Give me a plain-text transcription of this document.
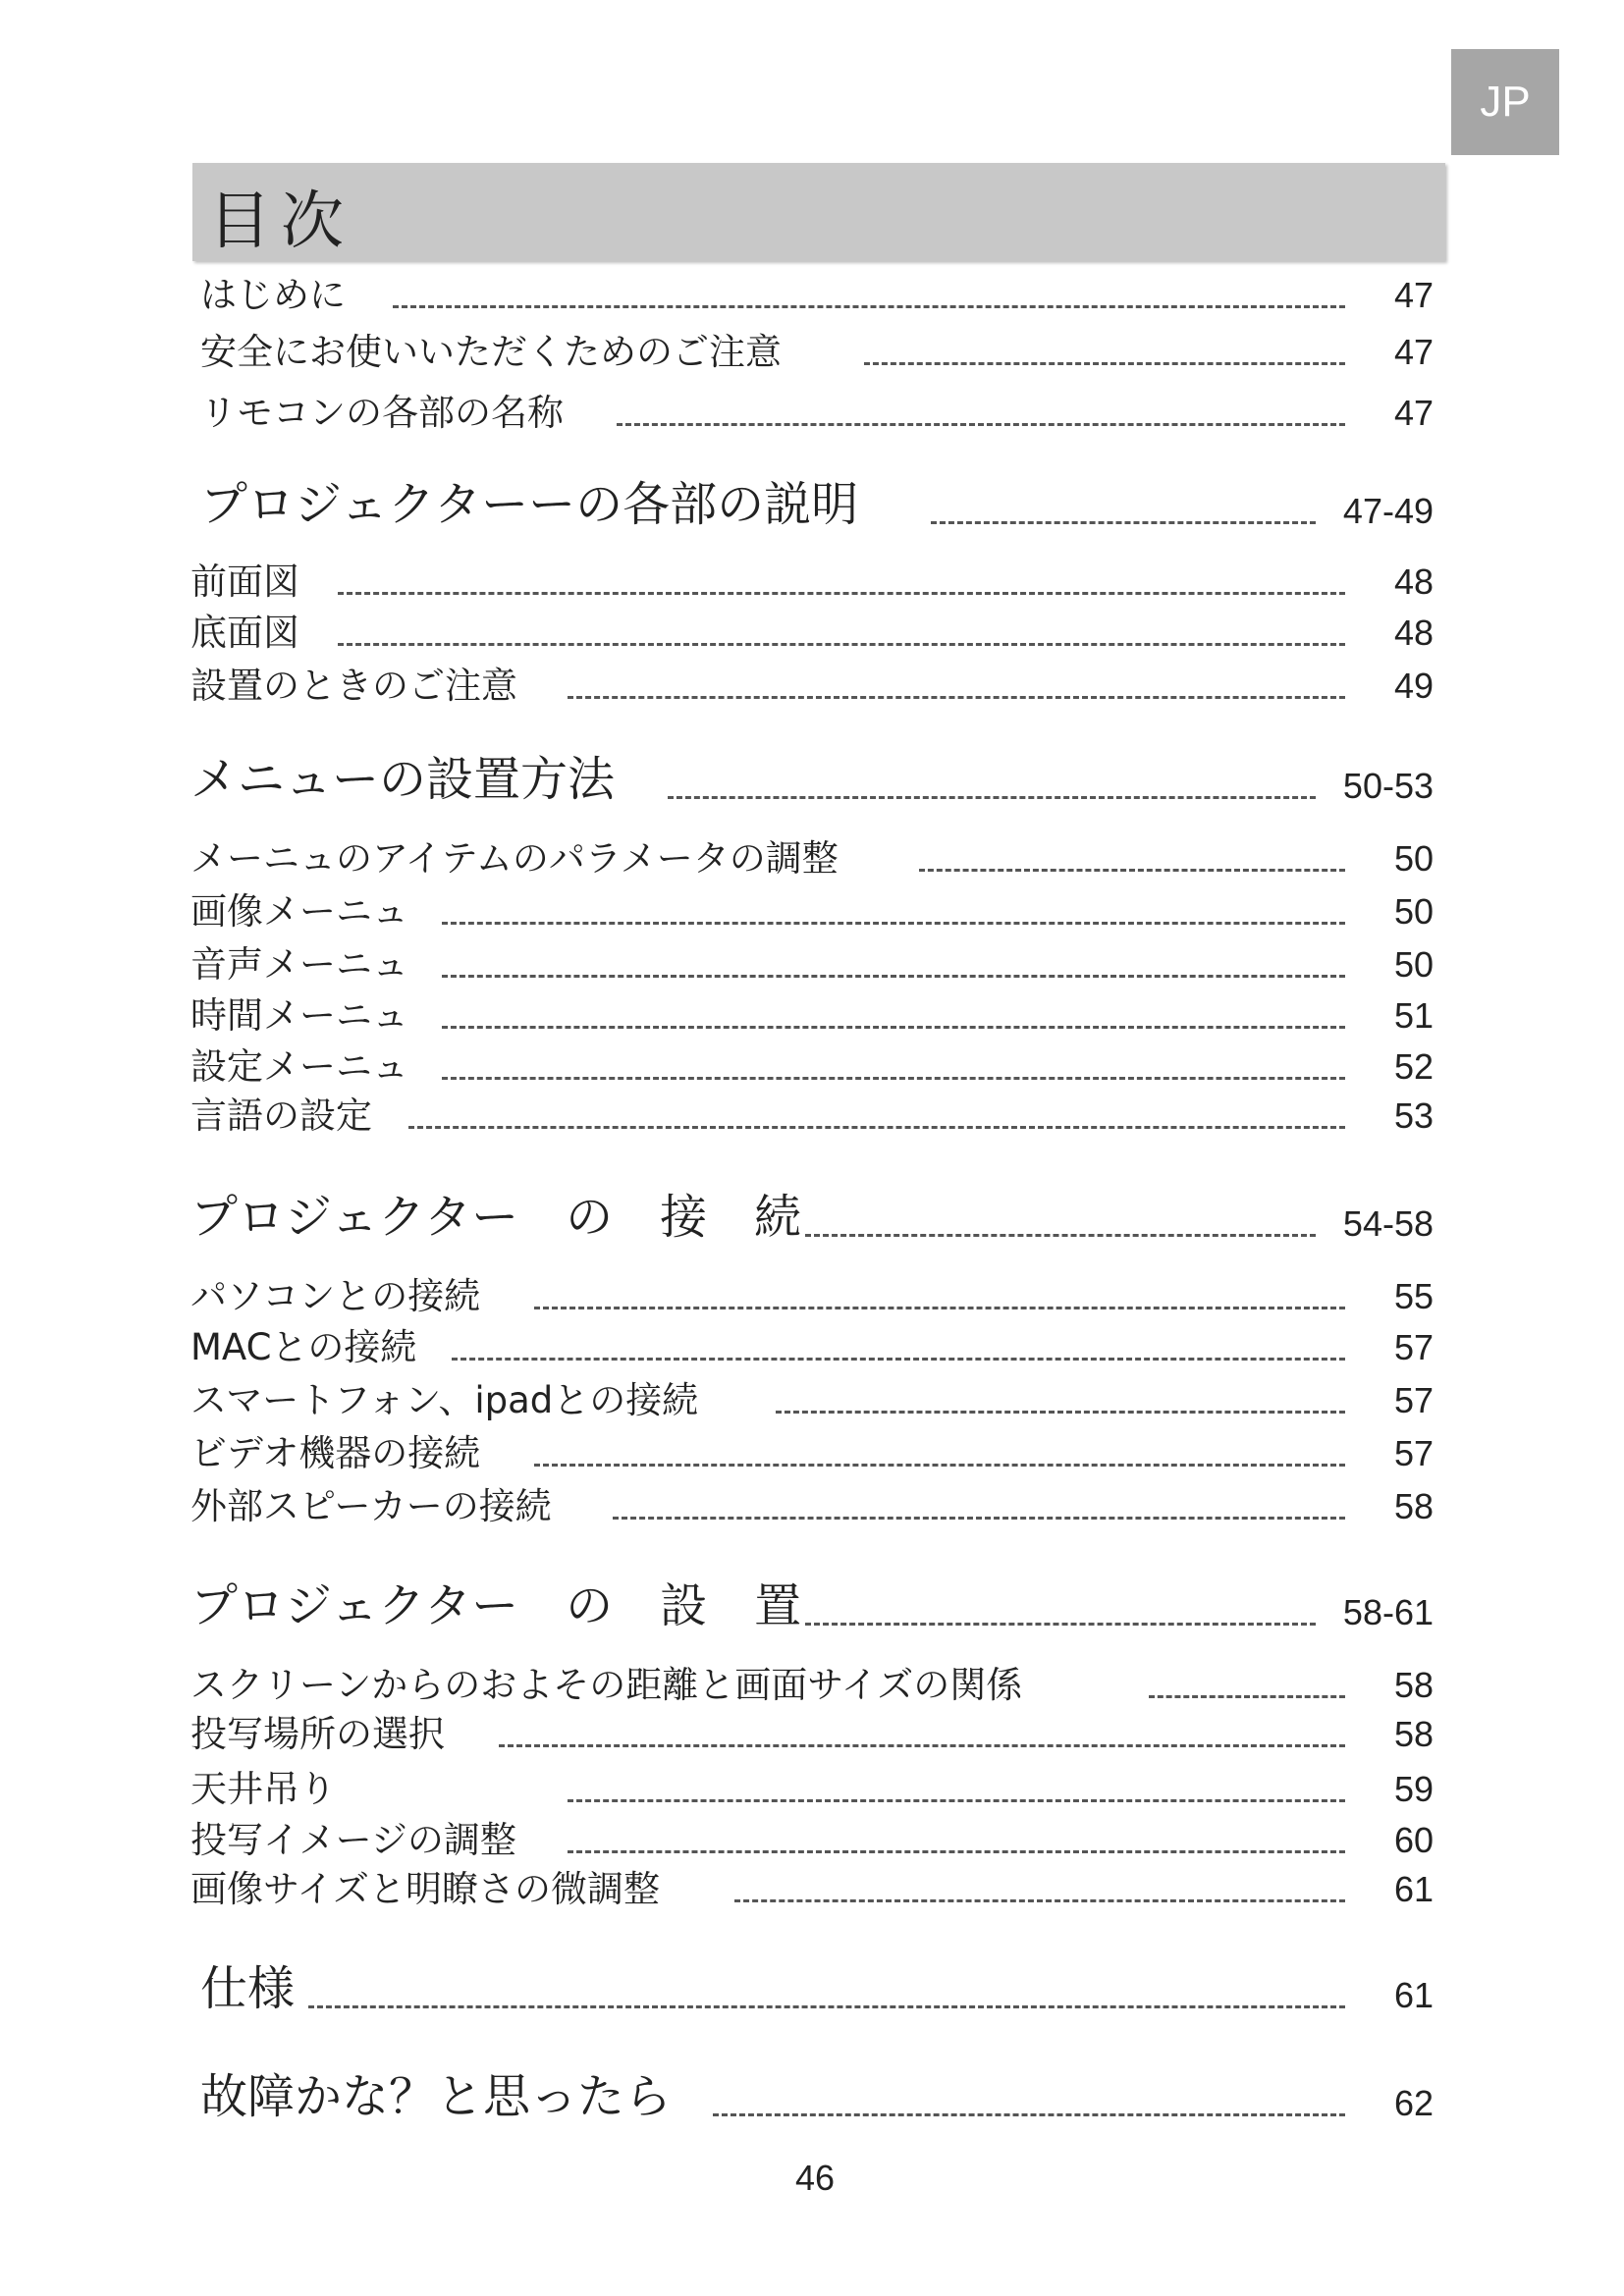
JP
目次
はじめに	47
安全にお使いいただくためのご注意	47
リモコンの各部の名称	47
プロジェクターーの各部の説明	47-49
前面図	48
底面図	48
設置のときのご注意	49
メニューの設置方法	50-53
メーニュのアイテムのパラメータの調整	50
画像メーニュ	50
音声メーニュ	50
時間メーニュ	51
設定メーニュ	52
言語の設定	53
プロジェクター　の　接　続	54-58
パソコンとの接続	55
MACとの接続	57
スマートフォン、ipadとの接続	57
ビデオ機器の接続	57
外部スピーカーの接続	58
プロジェクター　の　設　置	58-61
スクリーンからのおよその距離と画面サイズの関係	58
投写場所の選択	58
天井吊り	59
投写イメージの調整	60
画像サイズと明瞭さの微調整	61
仕様	61
故障かな？と思ったら	62
46
